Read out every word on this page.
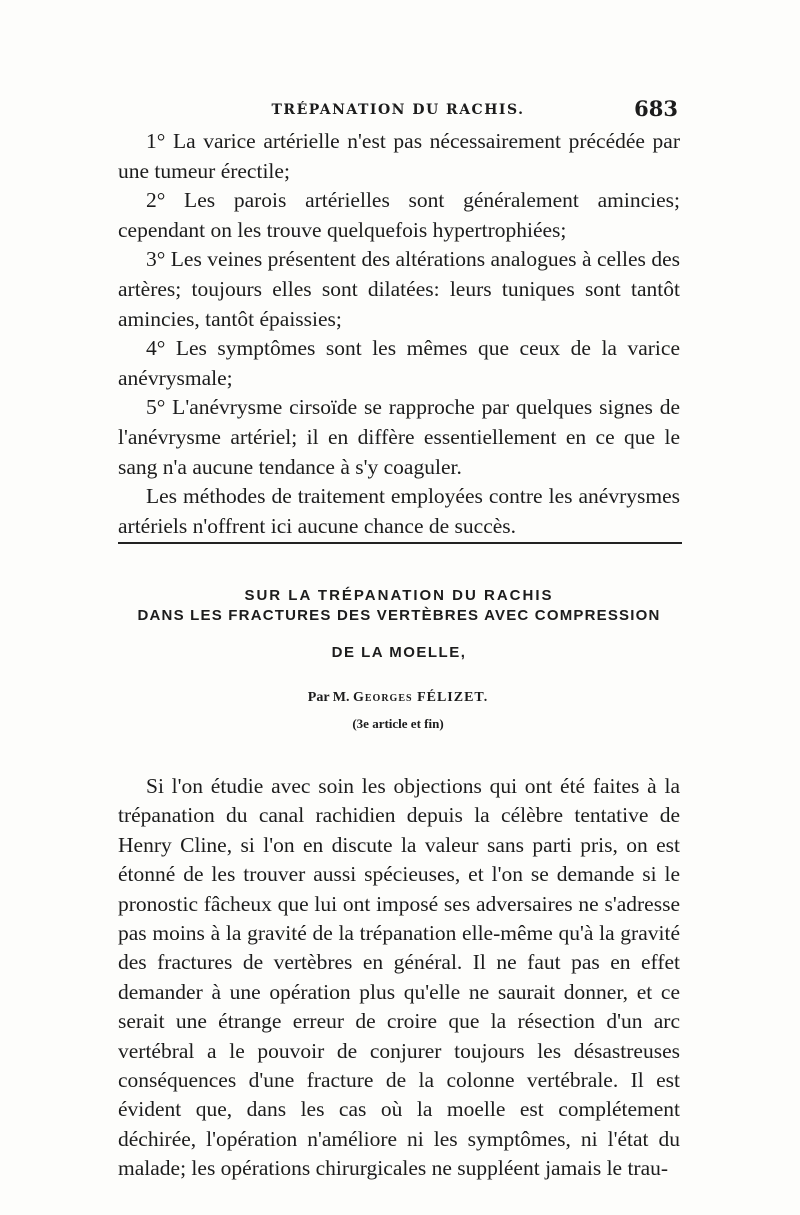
TRÉPANATION DU RACHIS.	683

1° La varice artérielle n'est pas nécessairement précédée par une tumeur érectile;

2° Les parois artérielles sont généralement amincies; cependant on les trouve quelquefois hypertrophiées;

3° Les veines présentent des altérations analogues à celles des artères; toujours elles sont dilatées: leurs tuniques sont tantôt amincies, tantôt épaissies;

4° Les symptômes sont les mêmes que ceux de la varice anévrysmale;

5° L'anévrysme cirsoïde se rapproche par quelques signes de l'anévrysme artériel; il en diffère essentiellement en ce que le sang n'a aucune tendance à s'y coaguler.

Les méthodes de traitement employées contre les anévrysmes artériels n'offrent ici aucune chance de succès.

SUR LA TRÉPANATION DU RACHIS
DANS LES FRACTURES DES VERTÈBRES AVEC COMPRESSION
DE LA MOELLE,
Par M. Georges FÉLIZET.
(3e article et fin)

Si l'on étudie avec soin les objections qui ont été faites à la trépanation du canal rachidien depuis la célèbre tentative de Henry Cline, si l'on en discute la valeur sans parti pris, on est étonné de les trouver aussi spécieuses, et l'on se demande si le pronostic fâcheux que lui ont imposé ses adversaires ne s'adresse pas moins à la gravité de la trépanation elle-même qu'à la gravité des fractures de vertèbres en général. Il ne faut pas en effet demander à une opération plus qu'elle ne saurait donner, et ce serait une étrange erreur de croire que la résection d'un arc vertébral a le pouvoir de conjurer toujours les désastreuses conséquences d'une fracture de la colonne vertébrale. Il est évident que, dans les cas où la moelle est complétement déchirée, l'opération n'améliore ni les symptômes, ni l'état du malade; les opérations chirurgicales ne suppléent jamais le trau-
